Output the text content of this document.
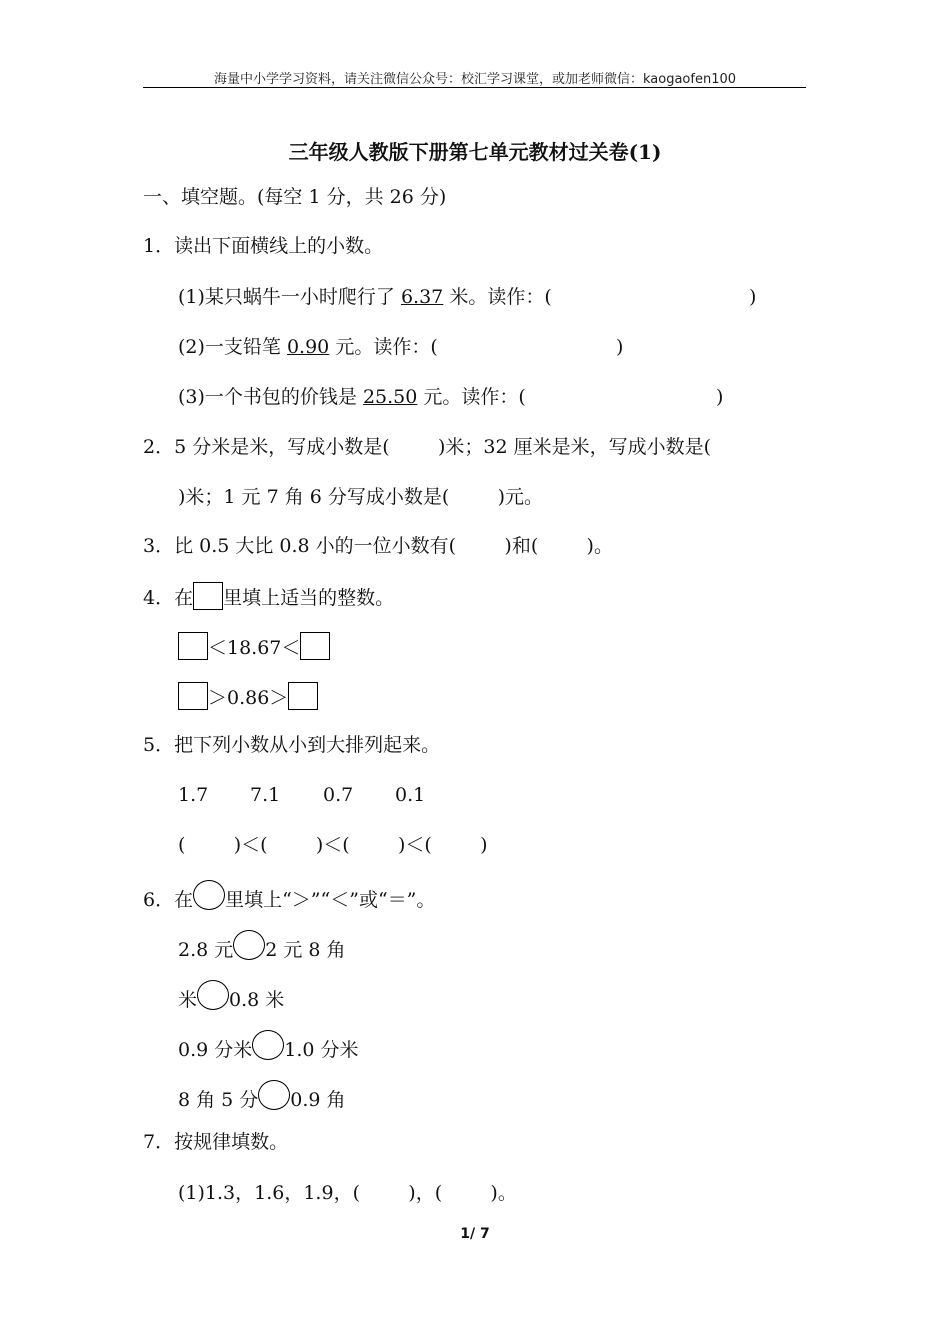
海量中小学学习资料，请关注微信公众号：校汇学习课堂，或加老师微信：kaogaofen100
三年级人教版下册第七单元教材过关卷(1)
一、填空题。(每空 1 分，共 26 分)
1．读出下面横线上的小数。
(1)某只蜗牛一小时爬行了 6.37 米。读作：(	)
(2)一支铅笔 0.90 元。读作：(	)
(3)一个书包的价钱是 25.50 元。读作：(	)
2．5 分米是米，写成小数是(        )米；32 厘米是米，写成小数是(
)米；1 元 7 角 6 分写成小数是(        )元。
3．比 0.5 大比 0.8 小的一位小数有(        )和(        )。
4．在 里填上适当的整数。
＜18.67＜
＞0.86＞
5．把下列小数从小到大排列起来。
1.7 7.1 0.7 0.1
(        )＜(        )＜(        )＜(        )
6．在 里填上“＞”“＜”或“＝”。
2.8 元 2 元 8 角
米 0.8 米
0.9 分米 1.0 分米
8 角 5 分 0.9 角
7．按规律填数。
(1)1.3，1.6，1.9，(        )，(        )。
1/ 7
